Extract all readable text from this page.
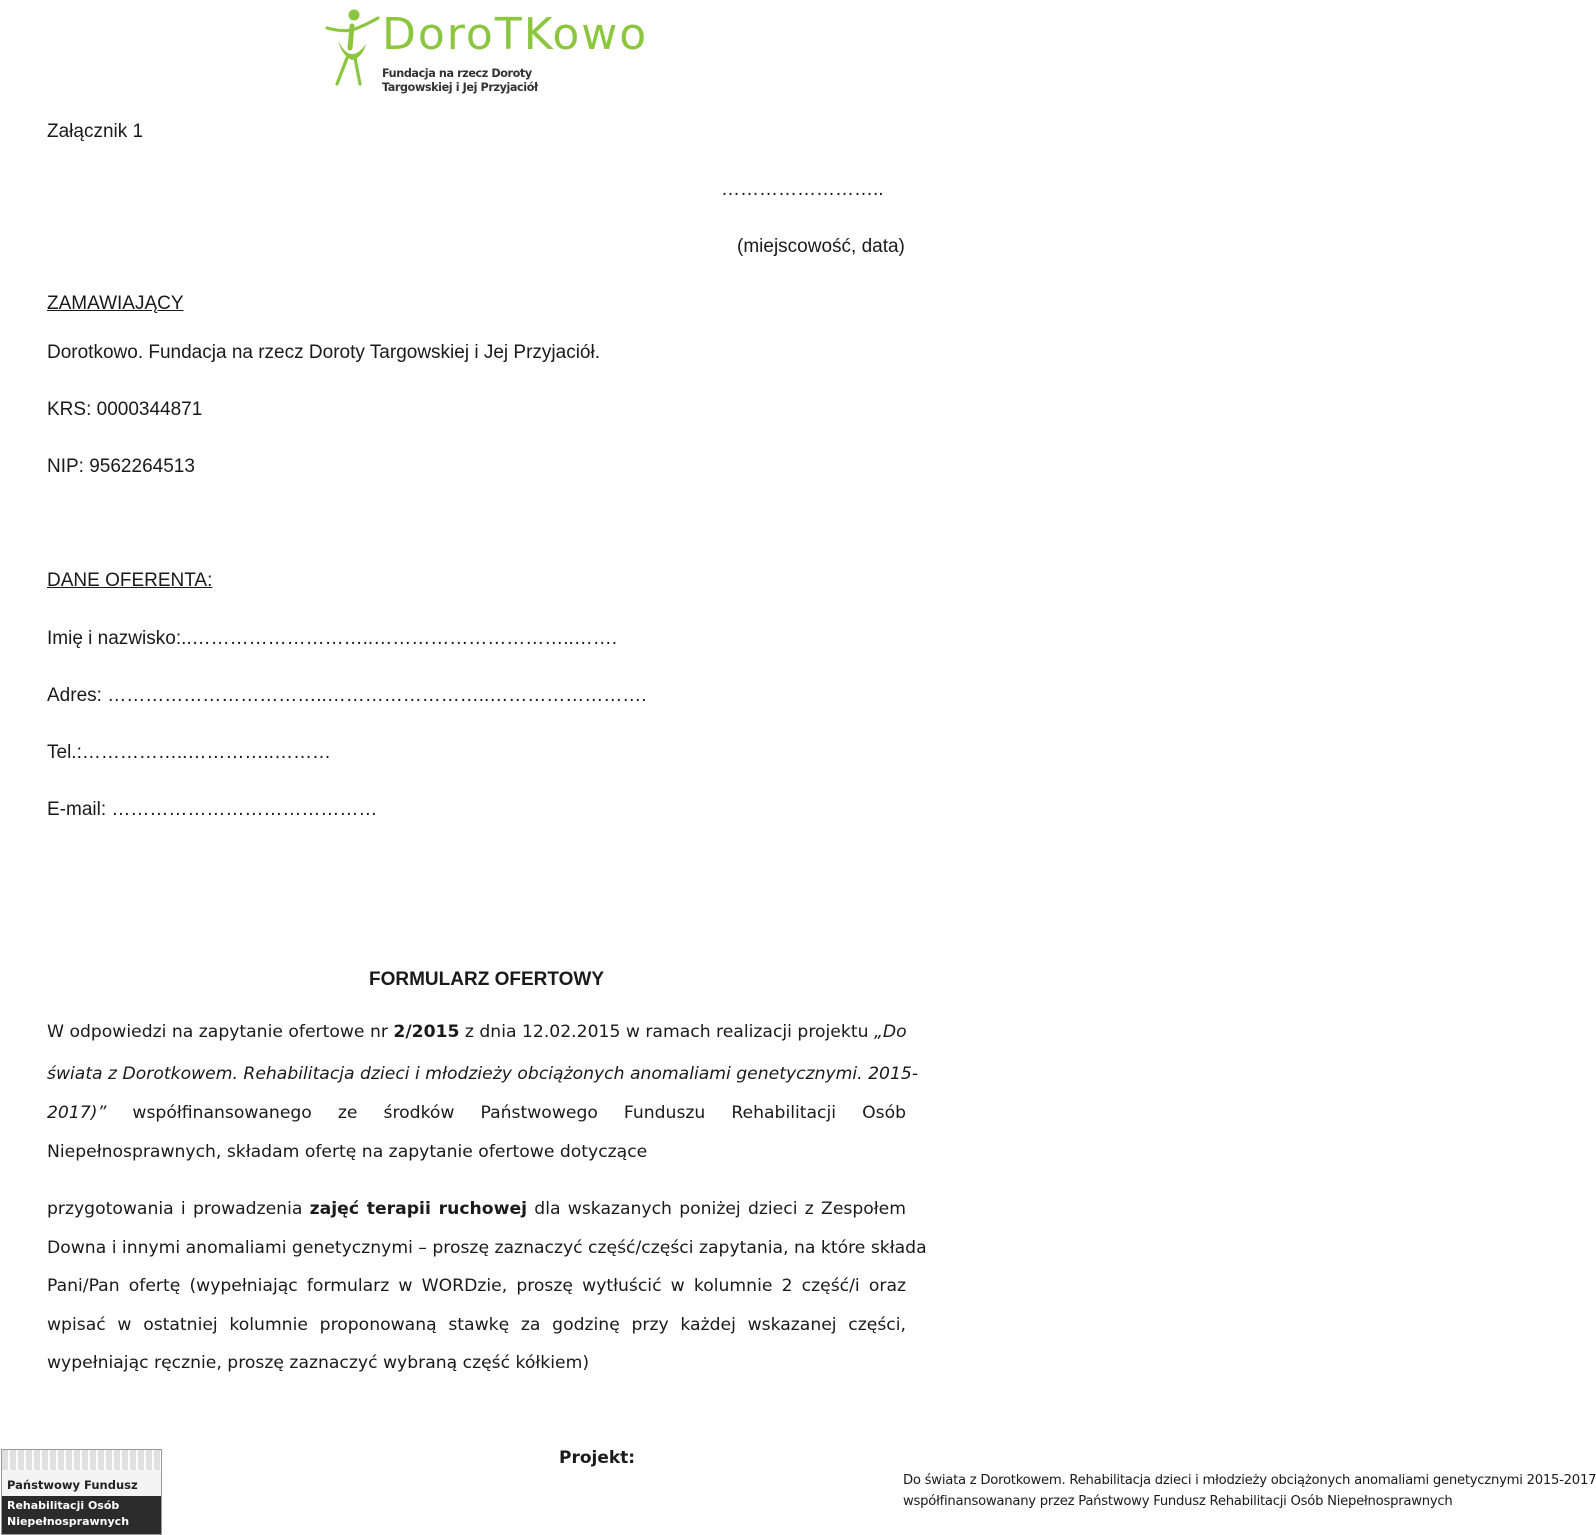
DoroTKowo
Fundacja na rzecz Doroty Targowskiej i Jej Przyjaciół
Załącznik 1
……………………..
(miejscowość, data)
ZAMAWIAJĄCY
Dorotkowo. Fundacja na rzecz Doroty Targowskiej i Jej Przyjaciół.
KRS: 0000344871
NIP: 9562264513
DANE OFERENTA:
Imię i nazwisko:..………………………..…………………………..…….
Adres: ……………………………..……………………..…………………….
Tel.:……………..…………..………
E-mail: ……………………………………
FORMULARZ OFERTOWY
W odpowiedzi na zapytanie ofertowe nr 2/2015 z dnia 12.02.2015 w ramach realizacji projektu „Do
świata z Dorotkowem. Rehabilitacja dzieci i młodzieży obciążonych anomaliami genetycznymi. 2015-
2017)” współfinansowanego ze środków Państwowego Funduszu Rehabilitacji Osób
Niepełnosprawnych, składam ofertę na zapytanie ofertowe dotyczące
przygotowania i prowadzenia zajęć terapii ruchowej dla wskazanych poniżej dzieci z Zespołem
Downa i innymi anomaliami genetycznymi – proszę zaznaczyć część/części zapytania, na które składa
Pani/Pan ofertę (wypełniając formularz w WORDzie, proszę wytłuścić w kolumnie 2 część/i oraz
wpisać w ostatniej kolumnie proponowaną stawkę za godzinę przy każdej wskazanej części,
wypełniając ręcznie, proszę zaznaczyć wybraną część kółkiem)
Państwowy Fundusz
Rehabilitacji Osób
Niepełnosprawnych
Projekt:
Do świata z Dorotkowem. Rehabilitacja dzieci i młodzieży obciążonych anomaliami genetycznymi 2015-2017
współfinansowanany przez Państwowy Fundusz Rehabilitacji Osób Niepełnosprawnych
